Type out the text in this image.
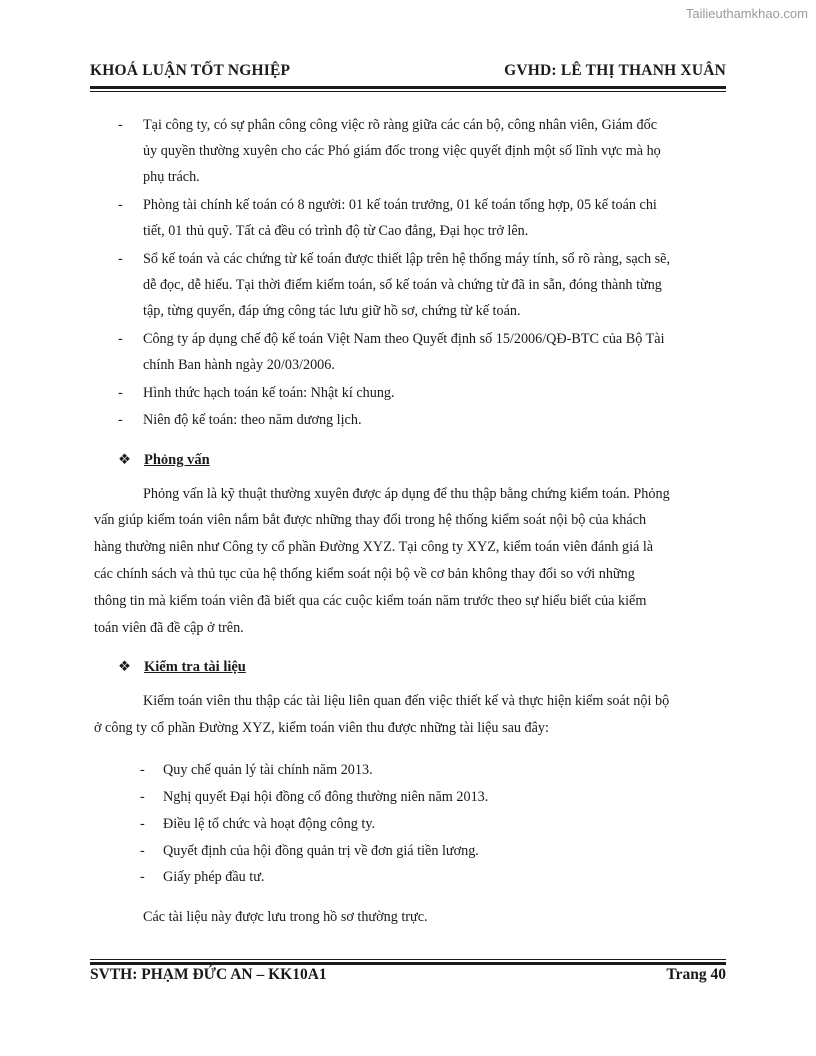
Tailieuthamkhao.com
KHOÁ LUẬN TỐT NGHIỆP	GVHD: LÊ THỊ THANH XUÂN
- Tại công ty, có sự phân công công việc rõ ràng giữa các cán bộ, công nhân viên, Giám đốc
ủy quyền thường xuyên cho các Phó giám đốc trong việc quyết định một số lĩnh vực mà họ
phụ trách.
- Phòng tài chính kế toán có 8 người: 01 kế toán trưởng, 01 kế toán tổng hợp, 05 kế toán chi
tiết, 01 thủ quỹ. Tất cả đều có trình độ từ Cao đẳng, Đại học trở lên.
- Sổ kế toán và các chứng từ kế toán được thiết lập trên hệ thống máy tính, sổ rõ ràng, sạch sẽ,
dễ đọc, dễ hiểu. Tại thời điểm kiểm toán, sổ kế toán và chứng từ đã in sẵn, đóng thành từng
tập, từng quyển, đáp ứng công tác lưu giữ hồ sơ, chứng từ kế toán.
- Công ty áp dụng chế độ kế toán Việt Nam theo Quyết định số 15/2006/QĐ-BTC của Bộ Tài
chính Ban hành ngày 20/03/2006.
- Hình thức hạch toán kế toán: Nhật kí chung.
- Niên độ kế toán: theo năm dương lịch.
❖ Phỏng vấn
Phỏng vấn là kỹ thuật thường xuyên được áp dụng để thu thập bằng chứng kiểm toán. Phỏng
vấn giúp kiểm toán viên nắm bắt được những thay đổi trong hệ thống kiểm soát nội bộ của khách
hàng thường niên như Công ty cổ phần Đường XYZ. Tại công ty XYZ, kiểm toán viên đánh giá là
các chính sách và thủ tục của hệ thống kiểm soát nội bộ về cơ bản không thay đổi so với những
thông tin mà kiểm toán viên đã biết qua các cuộc kiểm toán năm trước theo sự hiểu biết của kiểm
toán viên đã đề cập ở trên.
❖ Kiểm tra tài liệu
Kiểm toán viên thu thập các tài liệu liên quan đến việc thiết kế và thực hiện kiểm soát nội bộ
ở công ty cổ phần Đường XYZ, kiểm toán viên thu được những tài liệu sau đây:
- Quy chế quản lý tài chính năm 2013.
- Nghị quyết Đại hội đồng cổ đông thường niên năm 2013.
- Điều lệ tổ chức và hoạt động công ty.
- Quyết định của hội đồng quản trị về đơn giá tiền lương.
- Giấy phép đầu tư.
Các tài liệu này được lưu trong hồ sơ thường trực.
SVTH: PHẠM ĐỨC AN – KK10A1	Trang 40
